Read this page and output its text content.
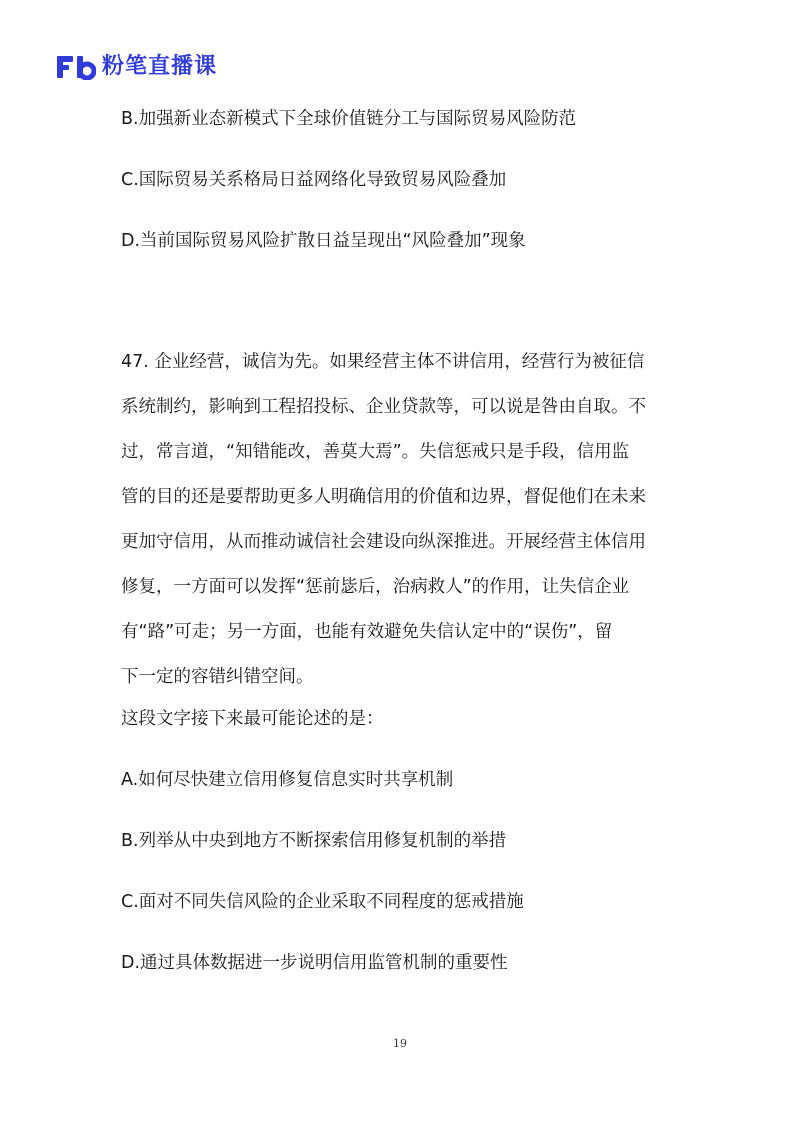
粉笔直播课
B.加强新业态新模式下全球价值链分工与国际贸易风险防范
C.国际贸易关系格局日益网络化导致贸易风险叠加
D.当前国际贸易风险扩散日益呈现出“风险叠加”现象
47. 企业经营，诚信为先。如果经营主体不讲信用，经营行为被征信
系统制约，影响到工程招投标、企业贷款等，可以说是咎由自取。不
过，常言道，“知错能改，善莫大焉”。失信惩戒只是手段，信用监
管的目的还是要帮助更多人明确信用的价值和边界，督促他们在未来
更加守信用，从而推动诚信社会建设向纵深推进。开展经营主体信用
修复，一方面可以发挥“惩前毖后，治病救人”的作用，让失信企业
有“路”可走；另一方面，也能有效避免失信认定中的“误伤”，留
下一定的容错纠错空间。
这段文字接下来最可能论述的是：
A.如何尽快建立信用修复信息实时共享机制
B.列举从中央到地方不断探索信用修复机制的举措
C.面对不同失信风险的企业采取不同程度的惩戒措施
D.通过具体数据进一步说明信用监管机制的重要性
19
